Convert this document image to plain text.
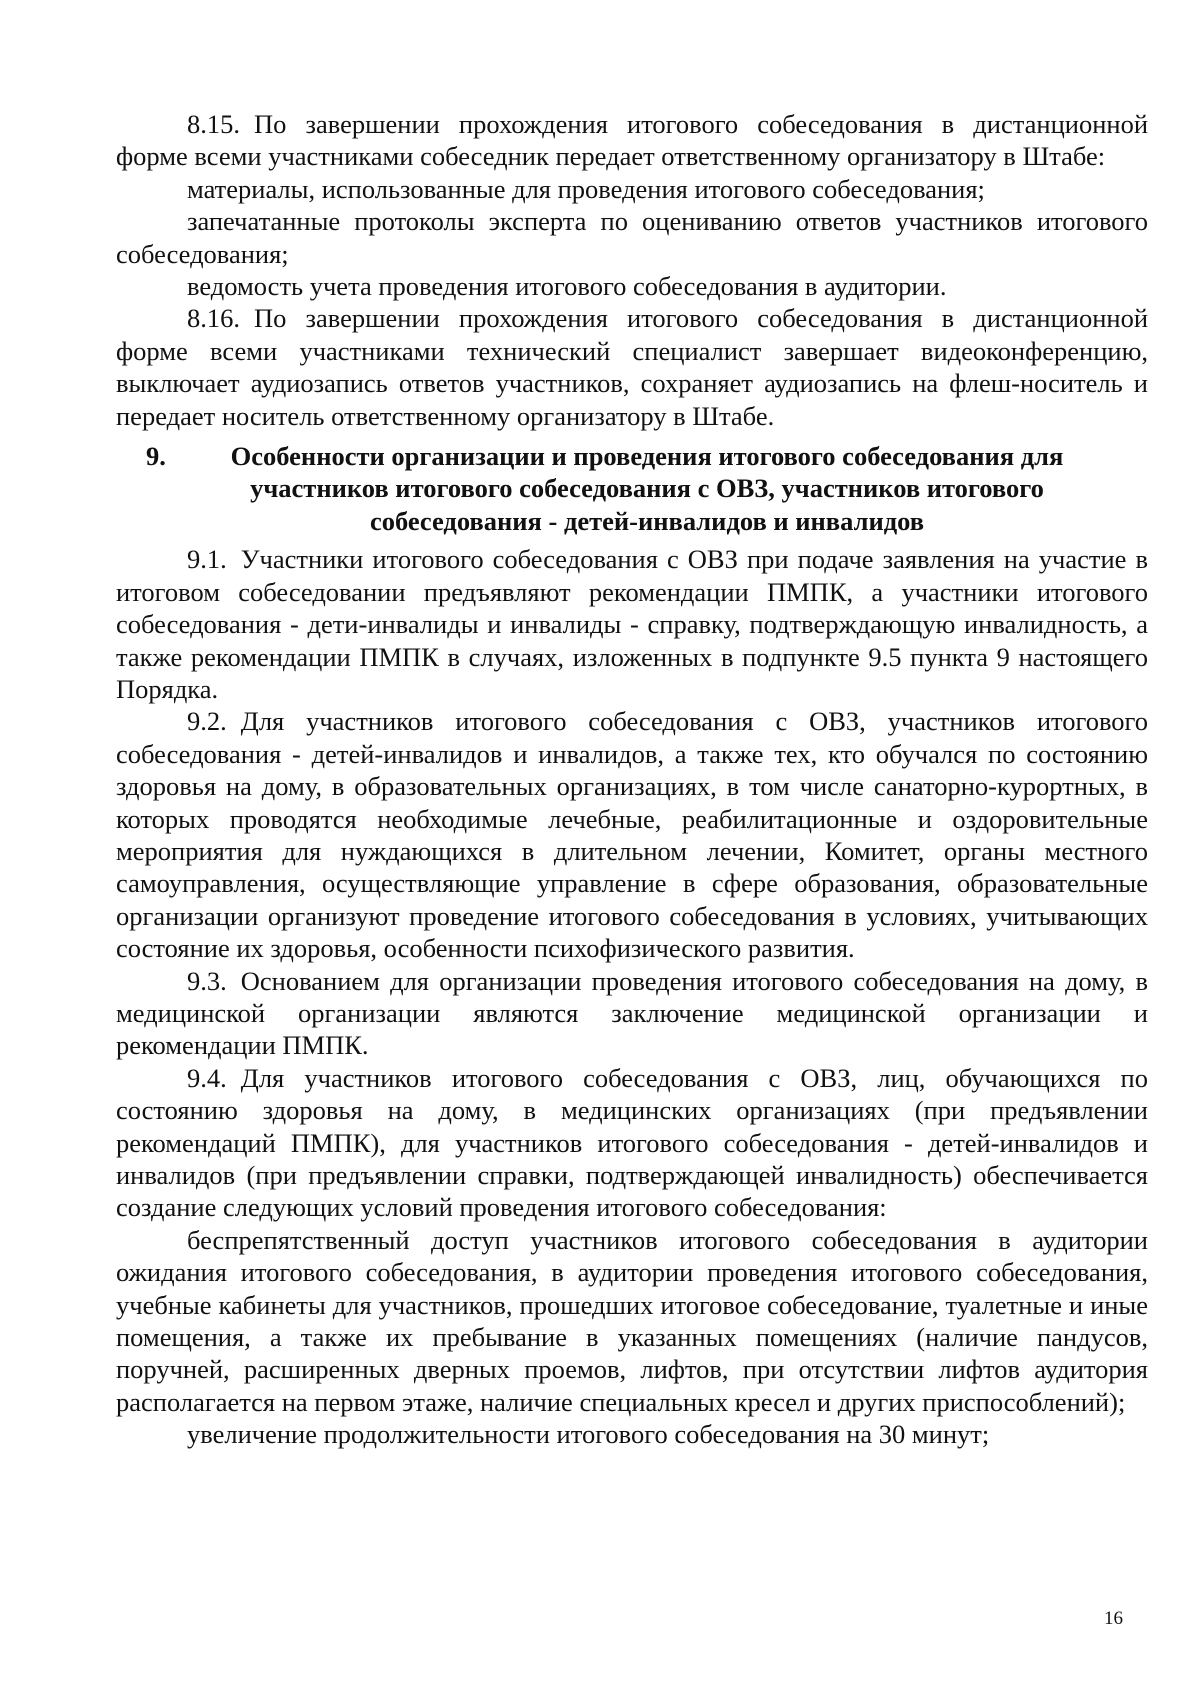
8.15. По завершении прохождения итогового собеседования в дистанционной форме всеми участниками собеседник передает ответственному организатору в Штабе:

материалы, использованные для проведения итогового собеседования;

запечатанные протоколы эксперта по оцениванию ответов участников итогового собеседования;

ведомость учета проведения итогового собеседования в аудитории.

8.16. По завершении прохождения итогового собеседования в дистанционной форме всеми участниками технический специалист завершает видеоконференцию, выключает аудиозапись ответов участников, сохраняет аудиозапись на флеш-носитель и передает носитель ответственному организатору в Штабе.

9.	Особенности организации и проведения итогового собеседования для участников итогового собеседования с ОВЗ, участников итогового собеседования - детей-инвалидов и инвалидов

9.1. Участники итогового собеседования с ОВЗ при подаче заявления на участие в итоговом собеседовании предъявляют рекомендации ПМПК, а участники итогового собеседования - дети-инвалиды и инвалиды - справку, подтверждающую инвалидность, а также рекомендации ПМПК в случаях, изложенных в подпункте 9.5 пункта 9 настоящего Порядка.

9.2. Для участников итогового собеседования с ОВЗ, участников итогового собеседования - детей-инвалидов и инвалидов, а также тех, кто обучался по состоянию здоровья на дому, в образовательных организациях, в том числе санаторно-курортных, в которых проводятся необходимые лечебные, реабилитационные и оздоровительные мероприятия для нуждающихся в длительном лечении, Комитет, органы местного самоуправления, осуществляющие управление в сфере образования, образовательные организации организуют проведение итогового собеседования в условиях, учитывающих состояние их здоровья, особенности психофизического развития.

9.3. Основанием для организации проведения итогового собеседования на дому, в медицинской организации являются заключение медицинской организации и рекомендации ПМПК.

9.4. Для участников итогового собеседования с ОВЗ, лиц, обучающихся по состоянию здоровья на дому, в медицинских организациях (при предъявлении рекомендаций ПМПК), для участников итогового собеседования - детей-инвалидов и инвалидов (при предъявлении справки, подтверждающей инвалидность) обеспечивается создание следующих условий проведения итогового собеседования:

беспрепятственный доступ участников итогового собеседования в аудитории ожидания итогового собеседования, в аудитории проведения итогового собеседования, учебные кабинеты для участников, прошедших итоговое собеседование, туалетные и иные помещения, а также их пребывание в указанных помещениях (наличие пандусов, поручней, расширенных дверных проемов, лифтов, при отсутствии лифтов аудитория располагается на первом этаже, наличие специальных кресел и других приспособлений);

увеличение продолжительности итогового собеседования на 30 минут;

16
